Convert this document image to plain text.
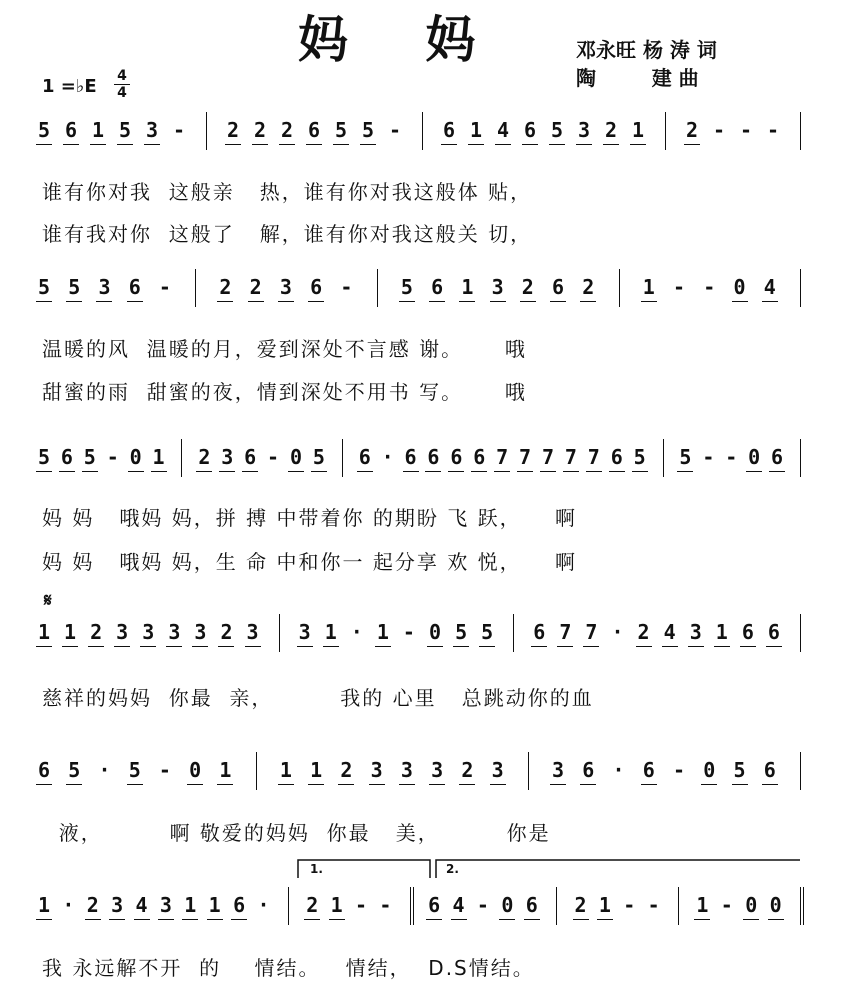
妈 妈	邓永旺 杨 涛 词
陶        建 曲
1 =♭E 4
4
5 6 1 5 3 - 2 2 2 6 5 5 - 6 1 4 6 5 3 2 1 2 - - -
5 5 3 6 - 2 2 3 6 - 5 6 1 3 2 6 2 1 - - 0 4
5 6 5 - 0 1 2 3 6 - 0 5 6 · 6 6 6 6 7 7 7 7 7 6 5 5 - - 0 6
1 1 2 3 3 3 3 2 3 3 1 · 1 - 0 5 5 6 7 7 · 2 4 3 1 6 6
6 5 · 5 - 0 1 1 1 2 3 3 3 2 3 3 6 · 6 - 0 5 6
1 · 2 3 4 3 1 1 6 · 2 1 - - 6 4 - 0 6 2 1 - - 1 - 0 0
谁有你对我  这般亲   热，谁有你对我这般体 贴，
谁有我对你  这般了   解，谁有你对我这般关 切，
温暖的风  温暖的月，爱到深处不言感 谢。     哦
甜蜜的雨  甜蜜的夜，情到深处不用书 写。     哦
妈 妈   哦妈 妈，拼 搏 中带着你 的期盼 飞 跃，    啊
妈 妈   哦妈 妈，生 命 中和你一 起分享 欢 悦，    啊
慈祥的妈妈  你最  亲，        我的 心里   总跳动你的血
液，        啊 敬爱的妈妈  你最   美，        你是
我 永远解不开  的    情结。   情结，  D.S情结。
𝄋
1.	2.
